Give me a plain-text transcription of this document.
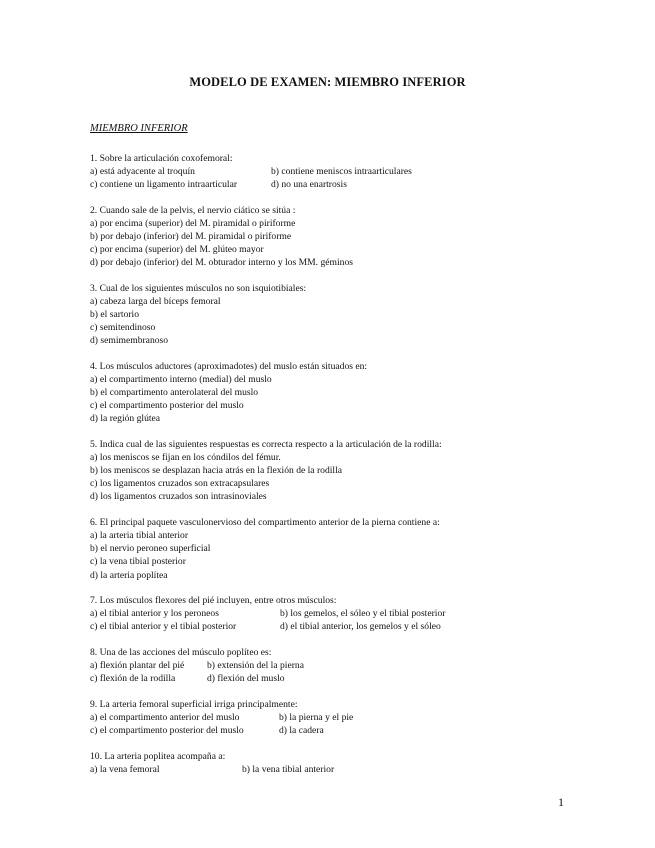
MODELO DE EXAMEN: MIEMBRO INFERIOR
MIEMBRO INFERIOR
1. Sobre la articulación coxofemoral:
a) está adyacente al troquín	b) contiene meniscos intraarticulares
c) contiene un ligamento intraarticular	d) no una enartrosis
2. Cuando sale de la pelvis, el nervio ciático se sitúa :
a) por encima (superior) del M. piramidal o piriforme
b) por debajo (inferior) del M. piramidal o piriforme
c) por encima (superior) del M. glúteo mayor
d) por debajo (inferior) del M. obturador interno y los MM. géminos
3. Cual de los siguientes músculos no son isquiotibiales:
a) cabeza larga del bíceps femoral
b) el sartorio
c) semitendinoso
d) semimembranoso
4. Los músculos aductores (aproximadotes) del muslo están situados en:
a) el compartimento interno (medial) del muslo
b) el compartimento anterolateral del muslo
c) el compartimento posterior del muslo
d) la región glútea
5. Indica cual de las siguientes respuestas es correcta respecto a la articulación de la rodilla:
a) los meniscos se fijan en los cóndilos del fémur.
b) los meniscos se desplazan hacia atrás en la flexión de la rodilla
c) los ligamentos cruzados son extracapsulares
d) los ligamentos cruzados son intrasinoviales
6. El principal paquete vasculonervioso del compartimento anterior de la pierna contiene a:
a) la arteria tibial anterior
b) el nervio peroneo superficial
c) la vena tibial posterior
d) la arteria poplítea
7. Los músculos flexores del pié incluyen, entre otros músculos:
a) el tibial anterior y los peroneos	b) los gemelos, el sóleo y el tibial posterior
c) el tibial anterior y el tibial posterior	d) el tibial anterior, los gemelos y el sóleo
8. Una de las acciones del músculo poplíteo es:
a) flexión plantar del pié b) extensión del la pierna
c) flexión de la rodilla	d) flexión del muslo
9. La arteria femoral superficial irriga principalmente:
a) el compartimento anterior del muslo	b) la pierna y el pie
c) el compartimento posterior del muslo	d) la cadera
10. La arteria poplitea acompaña a:
a) la vena femoral	b) la vena tibial anterior
1
